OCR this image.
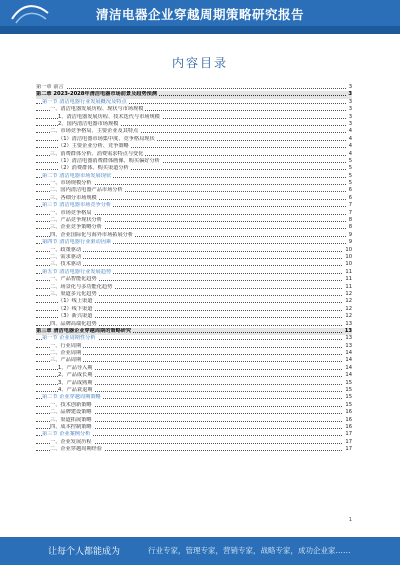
清洁电器企业穿越周期策略研究报告
内容目录
第一章 前言	3
第二章 2023-2028年清洁电器市场前景及趋势预测	3
第一节 清洁电器行业发展概况及特点	3
一、清洁电器发展历程、现状与市场规模	3
1、清洁电器发展历程、技术迭代与市场规模	3
2、国内清洁电器市场规模	3
二、市场竞争格局、主要企业及其特点	4
（1）清洁电器市场集中度、竞争格局现状	4
（2）主要企业分析、竞争策略	4
三、消费群体分析、消费需求特点与变化	4
（1）清洁电器消费群体画像、购买偏好分析	5
（2）消费群体、购买渠道分析	5
第二节 清洁电器市场发展现状	5
一、市场规模分析	5
二、国内清洁电器产品市场分析	6
三、各细分市场规模	6
第三节 清洁电器市场竞争分析	7
一、市场竞争格局	7
二、产品竞争现状分析	8
三、企业竞争策略分析	8
四、企业国际化与海外市场拓展分析	9
第四节 清洁电器行业驱动因素	9
一、政策驱动	10
二、需求驱动	10
三、技术驱动	10
第五节 清洁电器行业发展趋势	11
一、产品智能化趋势	11
二、场景化与多功能化趋势	11
三、渠道多元化趋势	12
（1）线上渠道	12
（2）线下渠道	12
（3）新兴渠道	12
四、品牌高端化趋势	13
第三章 清洁电器企业穿越周期的策略研究	13
第一节 企业周期性分析	13
一、行业周期	13
二、企业周期	14
三、产品周期	14
1、产品导入期	14
2、产品成长期	14
3、产品成熟期	15
4、产品衰退期	15
第二节 企业穿越周期策略	15
一、技术创新策略	15
二、品牌建设策略	16
三、渠道拓展策略	16
四、成本控制策略	16
第三节 企业案例分析	17
一、企业发展历程	17
二、企业穿越周期经验	17
1
让每个人都能成为	行业专家，管理专家，营销专家，战略专家，成功企业家……
